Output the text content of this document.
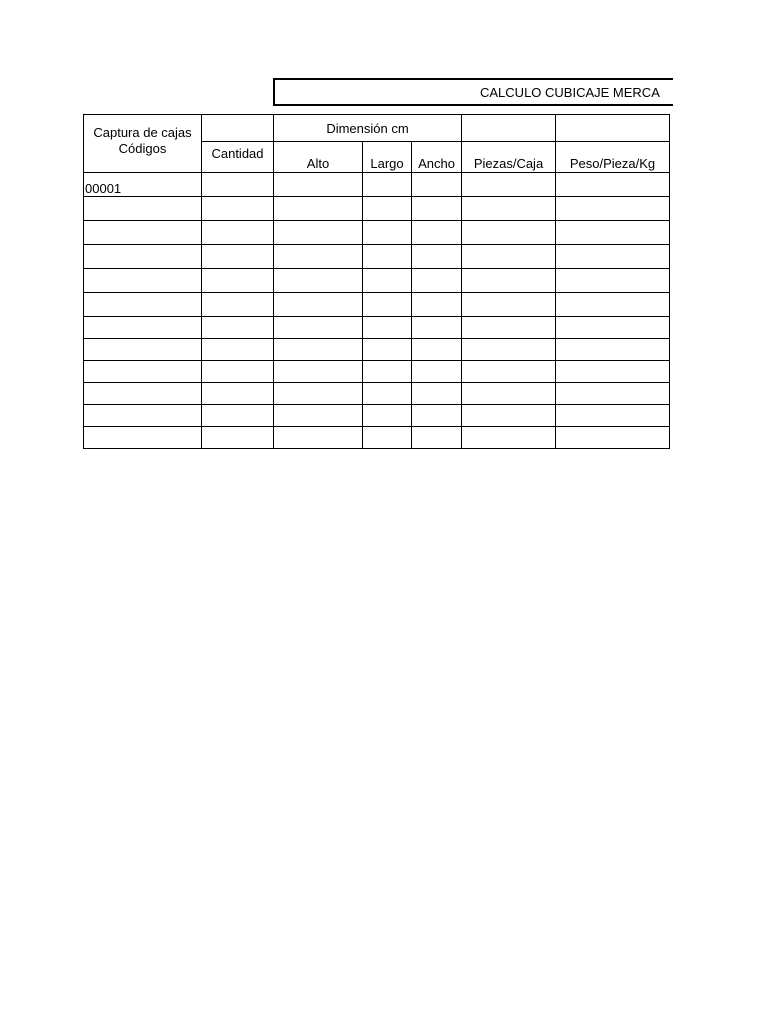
CALCULO CUBICAJE MERCA
Captura de cajas Códigos		Dimensión cm				
	Cantidad	Alto	Largo	Ancho	Piezas/Caja	Peso/Pieza/Kg
00001						
